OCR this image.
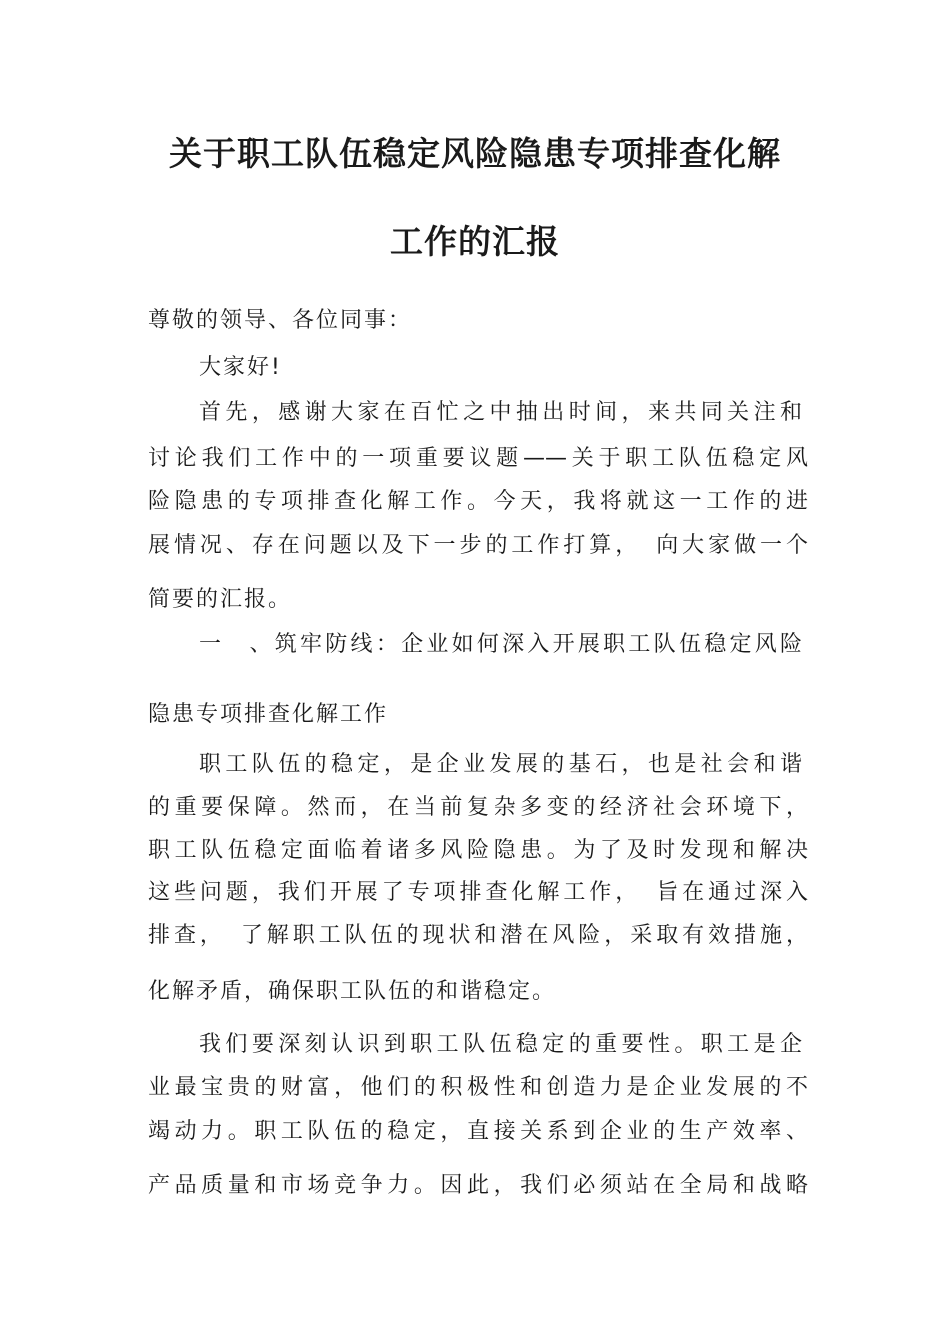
关于职工队伍稳定风险隐患专项排查化解
工作的汇报
尊敬的领导、各位同事：
大家好!
首先，感谢大家在百忙之中抽出时间，来共同关注和
讨论我们工作中的一项重要议题——关于职工队伍稳定风
险隐患的专项排查化解工作。今天，我将就这一工作的进
展情况、存在问题以及下一步的工作打算，　向大家做一个
简要的汇报。
一　、筑牢防线：企业如何深入开展职工队伍稳定风险
隐患专项排查化解工作
职工队伍的稳定，是企业发展的基石，也是社会和谐
的重要保障。然而，在当前复杂多变的经济社会环境下，
职工队伍稳定面临着诸多风险隐患。为了及时发现和解决
这些问题，我们开展了专项排查化解工作，　旨在通过深入
排查，　了解职工队伍的现状和潜在风险，采取有效措施，
化解矛盾，确保职工队伍的和谐稳定。
我们要深刻认识到职工队伍稳定的重要性。职工是企
业最宝贵的财富，他们的积极性和创造力是企业发展的不
竭动力。职工队伍的稳定，直接关系到企业的生产效率、
产品质量和市场竞争力。因此，我们必须站在全局和战略
